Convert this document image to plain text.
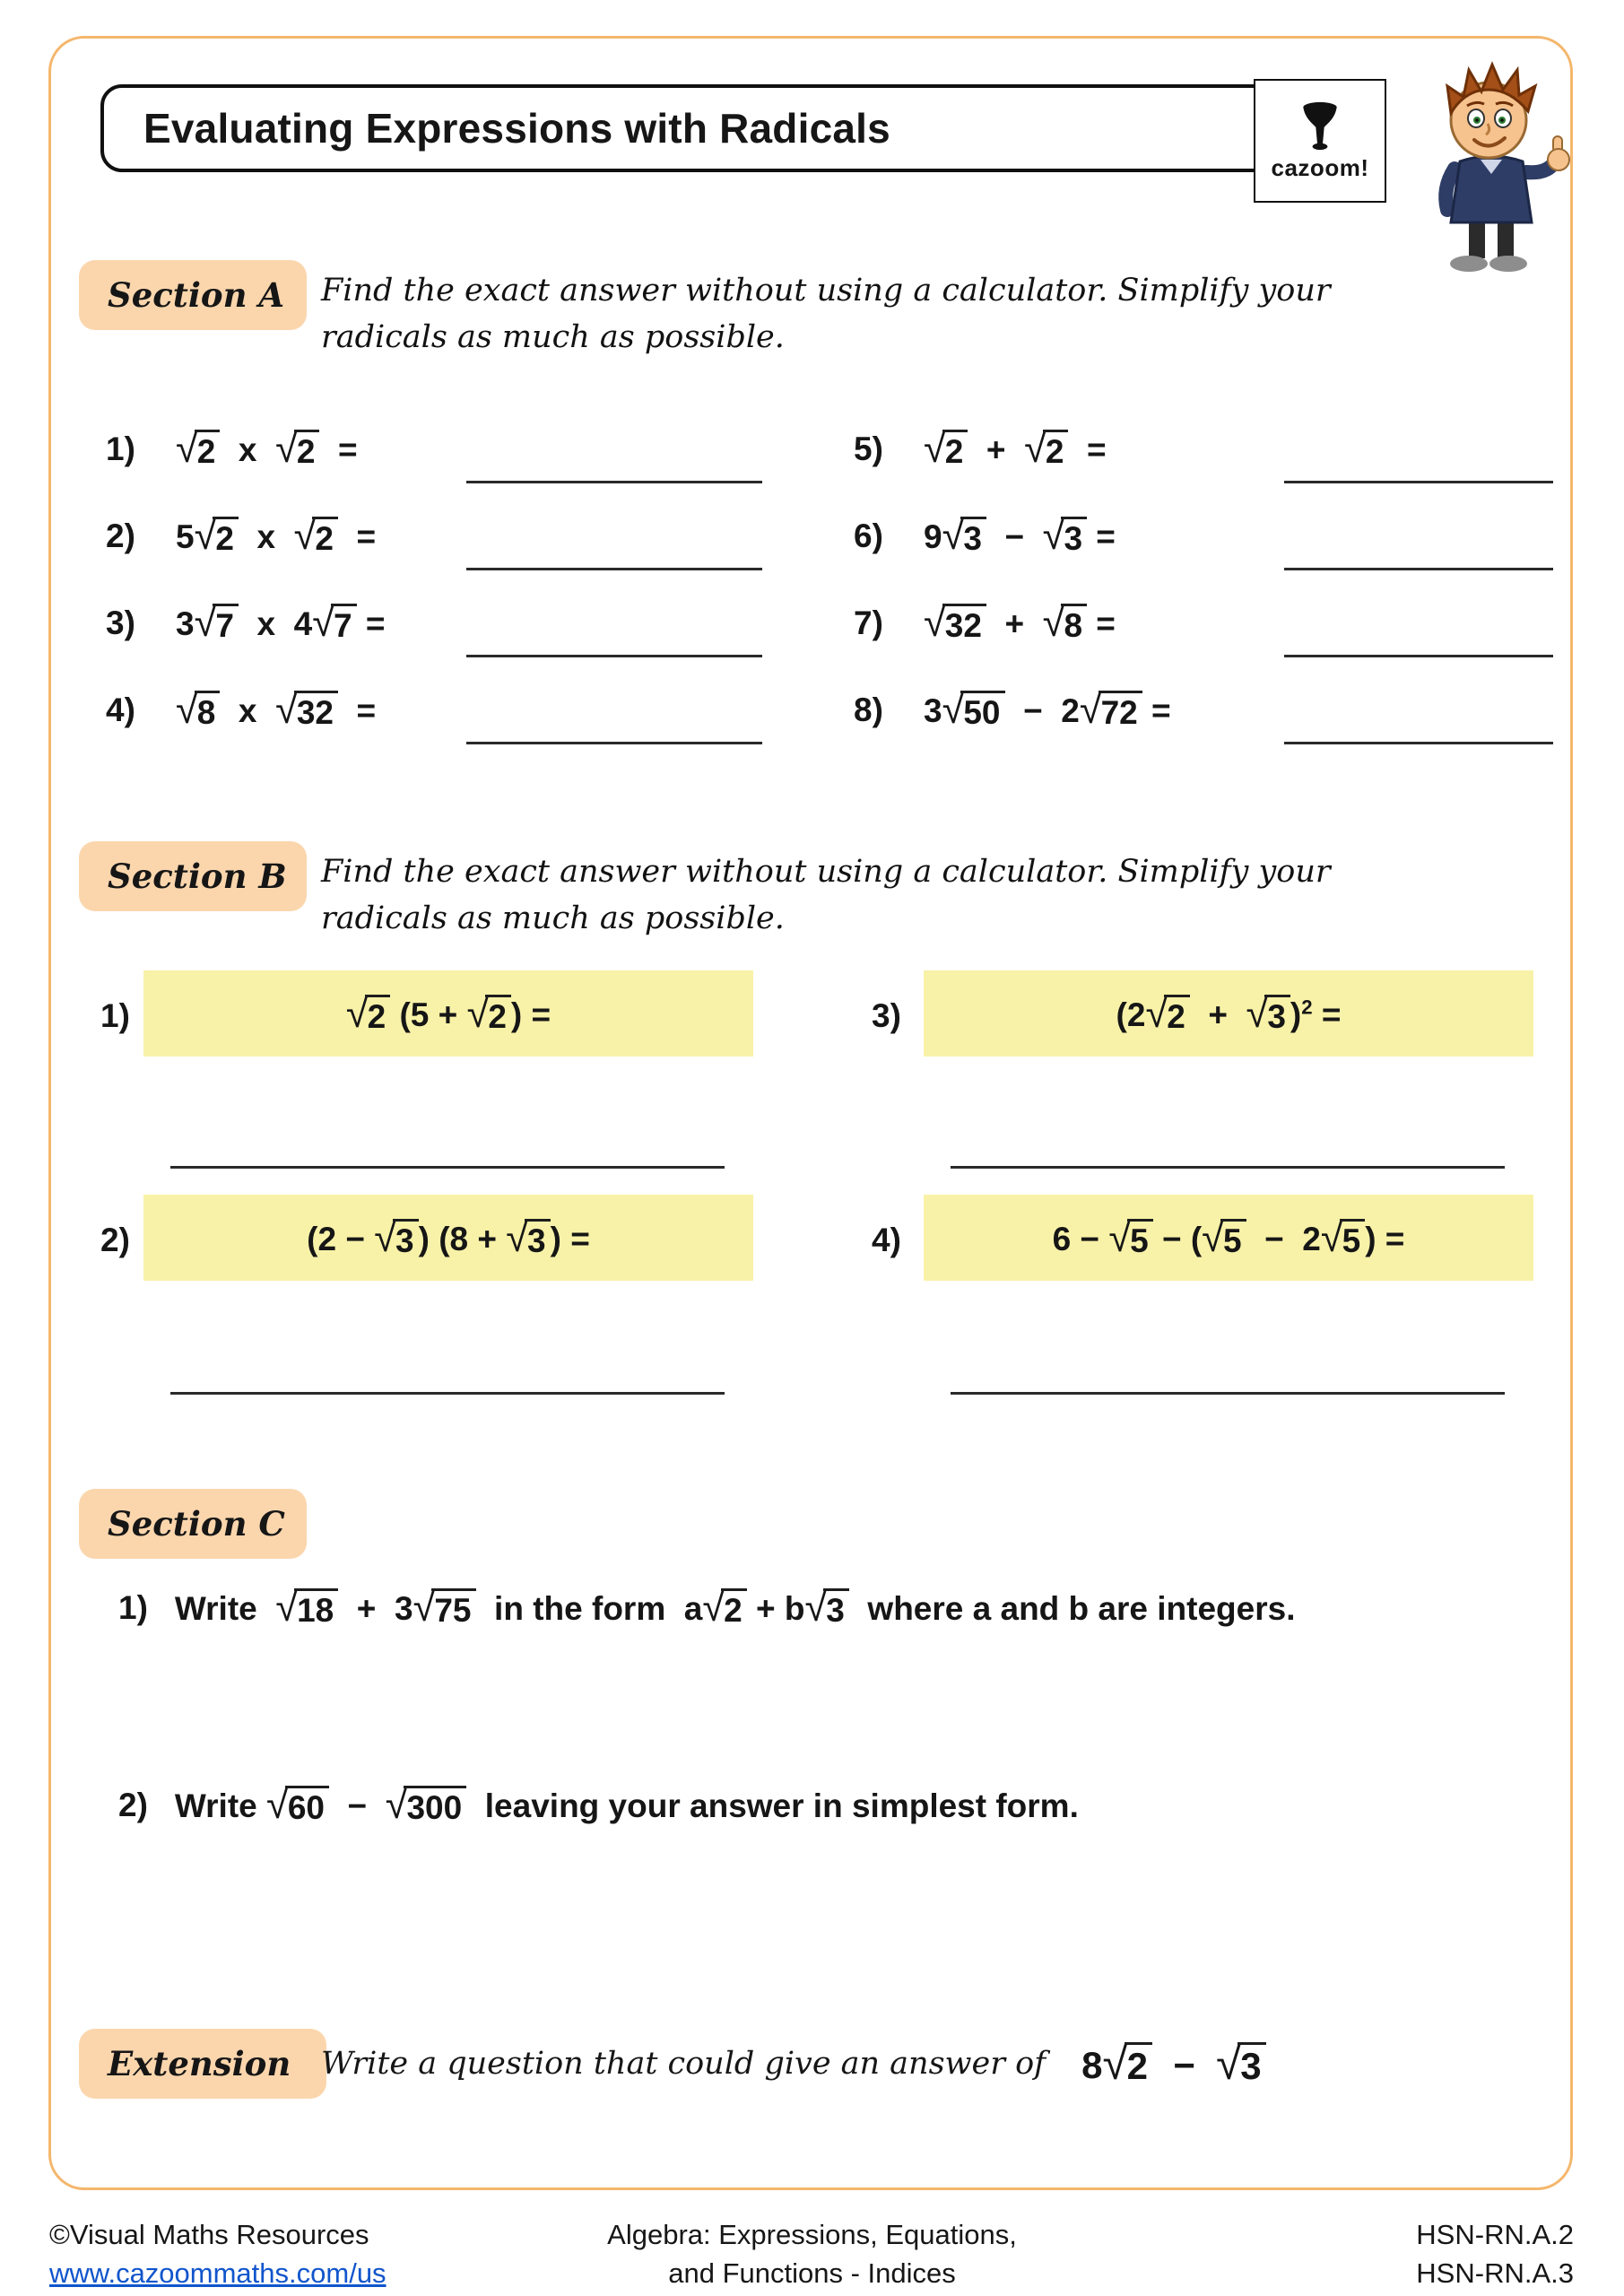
Evaluating Expressions with Radicals
cazoom!
Section A	Find the exact answer without using a calculator. Simplify your
radicals as much as possible.
1) √ 2 x √ 2 =
2)	5 √ 2 x √ 2 =
3)	3 √ 7 x  4 √ 7 =
4) √ 8 x √ 32 =
5) √ 2 + √ 2 =
6)	9 √ 3 − √ 3 =
7) √ 32 + √ 8 =
8)	3 √ 50 −  2 √ 72 =
Section B	Find the exact answer without using a calculator. Simplify your
radicals as much as possible.
1)	√ 2 (5 + √ 2 ) =	3)	(2 √ 2 + √ 3 )$^2$ =
2)	(2 − √ 3 ) (8 + √ 3 ) =	4)	6 − √ 5 − ( √ 5 −  2 √ 5 ) =
Section C
1) Write √ 18 +  3 √ 75 in the form  a √ 2 + b √ 3 where a and b are integers.
2) Write √ 60 − √ 300 leaving your answer in simplest form.
Extension Write a question that could give an answer of 8 √ 2 − √ 3
©Visual Maths Resources
www.cazoommaths.com/us
Algebra: Expressions, Equations,
and Functions - Indices
HSN-RN.A.2
HSN-RN.A.3
